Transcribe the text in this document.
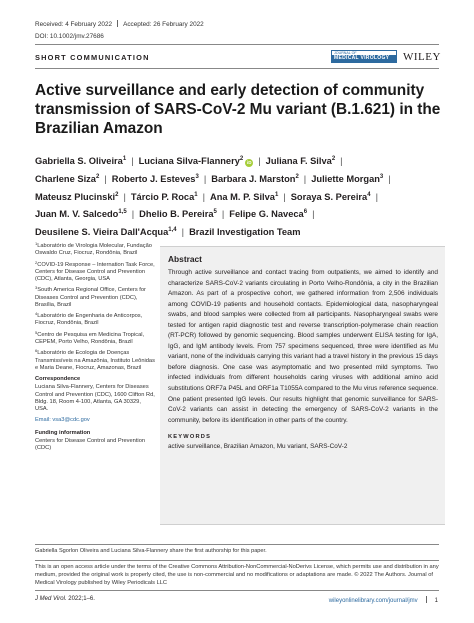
Received: 4 February 2022 Accepted: 26 February 2022
DOI: 10.1002/jmv.27686
SHORT COMMUNICATION	JOURNAL OF
MEDICAL VIROLOGY	WILEY
Active surveillance and early detection of community transmission of SARS-CoV-2 Mu variant (B.1.621) in the Brazilian Amazon
Gabriella S. Oliveira$^1$ | Luciana Silva-Flannery$^2$iD | Juliana F. Silva$^2$ |
Charlene Siza$^2$ | Roberto J. Esteves$^3$ | Barbara J. Marston$^2$ | Juliette Morgan$^3$ |
Mateusz Plucinski$^2$ | Tárcio P. Roca$^1$ | Ana M. P. Silva$^1$ | Soraya S. Pereira$^4$ |
Juan M. V. Salcedo$^{1,5}$ | Dhelio B. Pereira$^5$ | Felipe G. Naveca$^6$ |
Deusilene S. Vieira Dall'Acqua$^{1,4}$ | Brazil Investigation Team
$^1$Laboratório de Virologia Molecular, Fundação Oswaldo Cruz, Fiocruz, Rondônia, Brazil
$^2$COVID-19 Response – Internation Task Force, Centers for Disease Control and Prevention (CDC), Atlanta, Georgia, USA
$^3$South America Regional Office, Centers for Diseases Control and Prevention (CDC), Brasília, Brazil
$^4$Laboratório de Engenharia de Anticorpos, Fiocruz, Rondônia, Brazil
$^5$Centro de Pesquisa em Medicina Tropical, CEPEM, Porto Velho, Rondônia, Brazil
$^6$Laboratório de Ecologia de Doenças Transmissíveis na Amazônia, Instituto Leônidas e Maria Deane, Fiocruz, Amazonas, Brazil
Correspondence
Luciana Silva-Flannery, Centers for Diseases Control and Prevention (CDC), 1600 Clifton Rd, Bldg. 18, Room 4-100, Atlanta, GA 30329, USA.
Email: vsa3@cdc.gov
Funding information
Centers for Disease Control and Prevention (CDC)
Abstract
Through active surveillance and contact tracing from outpatients, we aimed to identify and characterize SARS-CoV-2 variants circulating in Porto Velho-Rondônia, a city in the Brazilian Amazon. As part of a prospective cohort, we gathered information from 2,506 individuals among COVID-19 patients and household contacts. Epidemiological data, nasopharyngeal swabs, and blood samples were collected from all participants. Nasopharyngeal swabs were tested for antigen rapid diagnostic test and reverse transcription-polymerase chain reaction (RT-PCR) followed by genomic sequencing. Blood samples underwent ELISA testing for IgA, IgG, and IgM antibody levels. From 757 specimens sequenced, three were identified as Mu variant, none of the individuals carrying this variant had a travel history in the previous 15 days before diagnosis. One case was asymptomatic and two presented mild symptoms. Two infected individuals from different households caring viruses with additional amino acid substitutions ORF7a P45L and ORF1a T1055A compared to the Mu virus reference sequence. One patient presented IgG levels. Our results highlight that genomic surveillance for SARS-CoV-2 variants can assist in detecting the emergency of SARS-CoV-2 variants in the community, before its identification in other parts of the country.
KEYWORDS
active surveillance, Brazilian Amazon, Mu variant, SARS-CoV-2
Gabriella Sgorlon Oliveira and Luciana Silva-Flannery share the first authorship for this paper.
This is an open access article under the terms of the Creative Commons Attribution-NonCommercial-NoDerivs License, which permits use and distribution in any medium, provided the original work is properly cited, the use is non-commercial and no modifications or adaptations are made. © 2022 The Authors. Journal of Medical Virology published by Wiley Periodicals LLC
J Med Virol. 2022;1–6.	wileyonlinelibrary.com/journal/jmv	1
